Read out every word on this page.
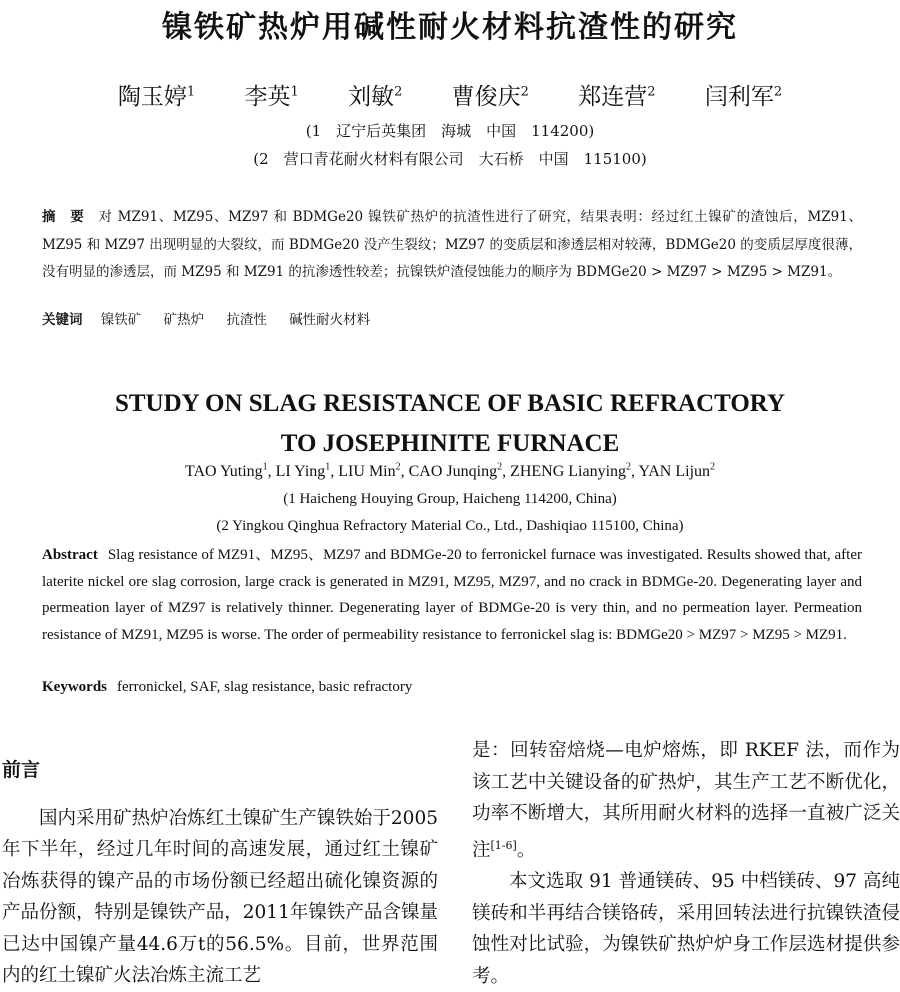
镍铁矿热炉用碱性耐火材料抗渣性的研究
陶玉婷$^1$ 李英$^1$ 刘敏$^2$ 曹俊庆$^2$ 郑连营$^2$ 闫利军$^2$
(1　辽宁后英集团　海城　中国　114200)
(2　营口青花耐火材料有限公司　大石桥　中国　115100)
摘　要 对 MZ91、MZ95、MZ97 和 BDMGe20 镍铁矿热炉的抗渣性进行了研究，结果表明：经过红土镍矿的渣蚀后，MZ91、MZ95 和 MZ97 出现明显的大裂纹，而 BDMGe20 没产生裂纹；MZ97 的变质层和渗透层相对较薄，BDMGe20 的变质层厚度很薄，没有明显的渗透层，而 MZ95 和 MZ91 的抗渗透性较差；抗镍铁炉渣侵蚀能力的顺序为 BDMGe20 > MZ97 > MZ95 > MZ91。
关键词 镍铁矿 矿热炉 抗渣性 碱性耐火材料
STUDY ON SLAG RESISTANCE OF BASIC REFRACTORY
TO JOSEPHINITE FURNACE
TAO Yuting$^1$, LI Ying$^1$, LIU Min$^2$, CAO Junqing$^2$, ZHENG Lianying$^2$, YAN Lijun$^2$
(1 Haicheng Houying Group, Haicheng 114200, China)
(2 Yingkou Qinghua Refractory Material Co., Ltd., Dashiqiao 115100, China)
Abstract Slag resistance of MZ91、MZ95、MZ97 and BDMGe-20 to ferronickel furnace was investigated. Results showed that, after laterite nickel ore slag corrosion, large crack is generated in MZ91, MZ95, MZ97, and no crack in BDMGe-20. Degenerating layer and permeation layer of MZ97 is relatively thinner. Degenerating layer of BDMGe-20 is very thin, and no permeation layer. Permeation resistance of MZ91, MZ95 is worse. The order of permeability resistance to ferronickel slag is: BDMGe20 > MZ97 > MZ95 > MZ91.
Keywords ferronickel, SAF, slag resistance, basic refractory
前言

国内采用矿热炉冶炼红土镍矿生产镍铁始于2005年下半年，经过几年时间的高速发展，通过红土镍矿冶炼获得的镍产品的市场份额已经超出硫化镍资源的产品份额，特别是镍铁产品，2011年镍铁产品含镍量已达中国镍产量44.6万t的56.5%。目前，世界范围内的红土镍矿火法冶炼主流工艺

是：回转窑焙烧—电炉熔炼，即 RKEF 法，而作为该工艺中关键设备的矿热炉，其生产工艺不断优化，功率不断增大，其所用耐火材料的选择一直被广泛关注[1-6]。

本文选取 91 普通镁砖、95 中档镁砖、97 高纯镁砖和半再结合镁铬砖，采用回转法进行抗镍铁渣侵蚀性对比试验，为镍铁矿热炉炉身工作层选材提供参考。
